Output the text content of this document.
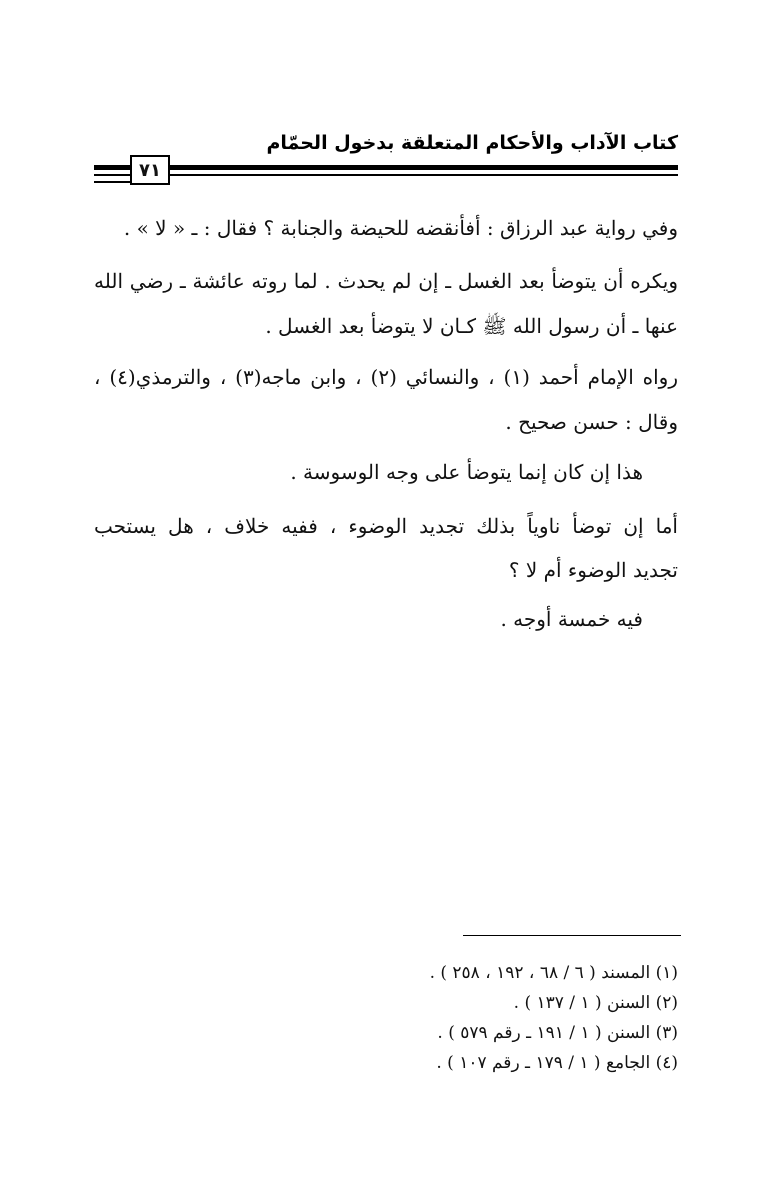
كتاب الآداب والأحكام المتعلقة بدخول الحمّام
٧١
وفي رواية عبد الرزاق : أفأنقضه للحيضة والجنابة ؟ فقال : ـ « لا » .
ويكره أن يتوضأ بعد الغسل ـ إن لم يحدث . لما روته عائشة ـ رضي الله
عنها ـ أن رسول الله ﷺ كـان لا يتوضأ بعد الغسل .
رواه الإمام أحمد (١) ، والنسائي (٢) ، وابن ماجه(٣) ، والترمذي(٤) ،
وقال : حسن صحيح .
هذا إن كان إنما يتوضأ على وجه الوسوسة .
أما إن توضأ ناوياً بذلك تجديد الوضوء ، ففيه خلاف ، هل يستحب
تجديد الوضوء أم لا ؟
فيه خمسة أوجه .
(١) المسند ( ٦ / ٦٨ ، ١٩٢ ، ٢٥٨ ) .
(٢) السنن ( ١ / ١٣٧ ) .
(٣) السنن ( ١ / ١٩١ ـ رقم ٥٧٩ ) .
(٤) الجامع ( ١ / ١٧٩ ـ رقم ١٠٧ ) .
